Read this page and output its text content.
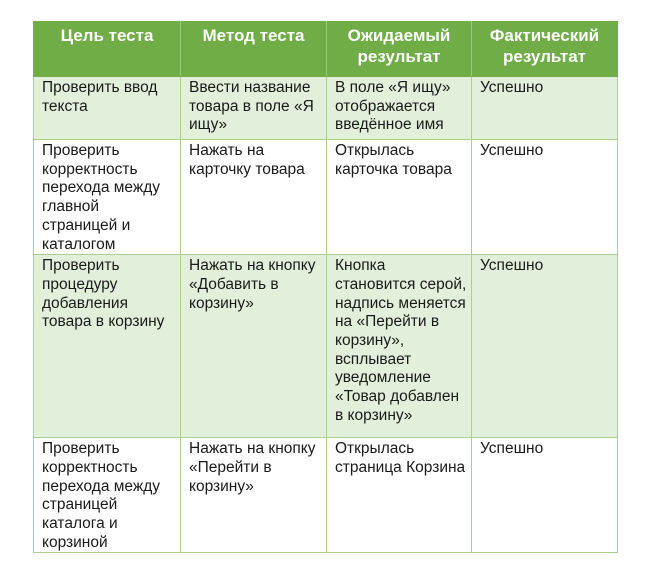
Цель теста	Метод теста	Ожидаемый результат	Фактический результат
Проверить ввод текста	Ввести название товара в поле «Я ищу»	В поле «Я ищу» отображается введённое имя	Успешно
Проверить корректность перехода между главной страницей и каталогом	Нажать на карточку товара	Открылась карточка товара	Успешно
Проверить процедуру добавления товара в корзину	Нажать на кнопку «Добавить в корзину»	Кнопка становится серой, надпись меняется на «Перейти в корзину», всплывает уведомление «Товар добавлен в корзину»	Успешно
Проверить корректность перехода между страницей каталога и корзиной	Нажать на кнопку «Перейти в корзину»	Открылась страница Корзина	Успешно
